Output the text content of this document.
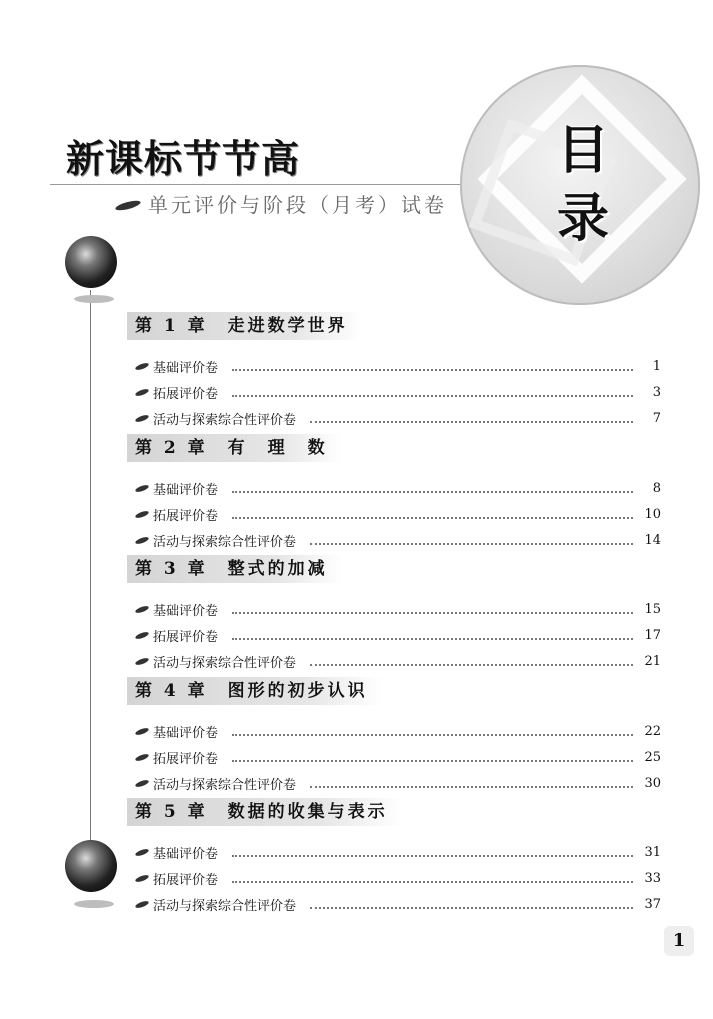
新课标节节高
单元评价与阶段（月考）试卷
目
录
第 1 章　走进数学世界
基础评价卷	1
拓展评价卷	3
活动与探索综合性评价卷	7
第 2 章　有　理　数
基础评价卷	8
拓展评价卷	10
活动与探索综合性评价卷	14
第 3 章　整式的加减
基础评价卷	15
拓展评价卷	17
活动与探索综合性评价卷	21
第 4 章　图形的初步认识
基础评价卷	22
拓展评价卷	25
活动与探索综合性评价卷	30
第 5 章　数据的收集与表示
基础评价卷	31
拓展评价卷	33
活动与探索综合性评价卷	37
1
